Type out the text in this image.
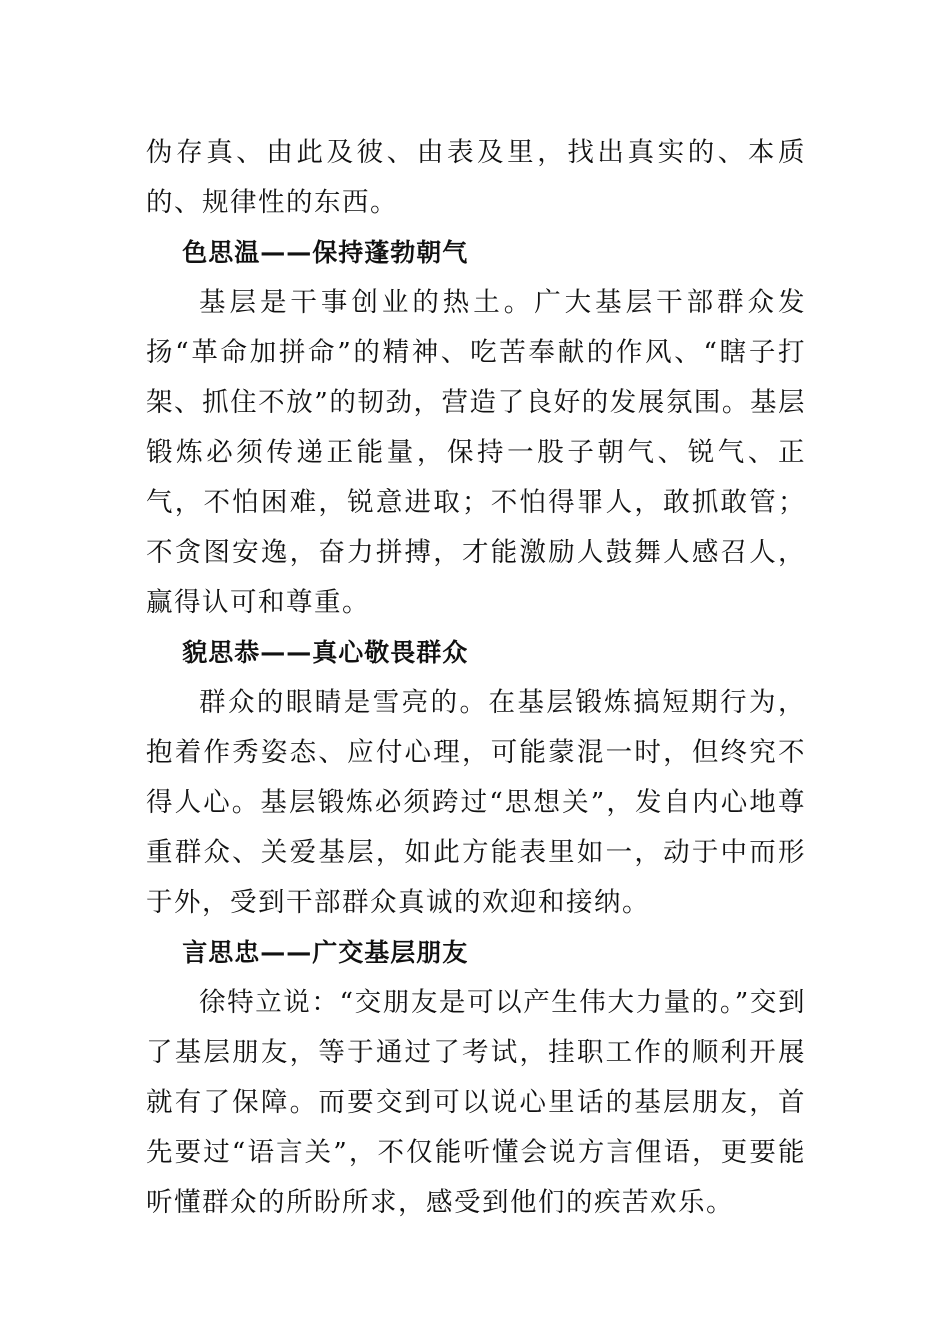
伪存真、由此及彼、由表及里，找出真实的、本质的、规律性的东西。

色思温——保持蓬勃朝气

基层是干事创业的热土。广大基层干部群众发扬“革命加拼命”的精神、吃苦奉献的作风、“瞎子打架、抓住不放”的韧劲，营造了良好的发展氛围。基层锻炼必须传递正能量，保持一股子朝气、锐气、正气，不怕困难，锐意进取；不怕得罪人，敢抓敢管；不贪图安逸，奋力拼搏，才能激励人鼓舞人感召人，赢得认可和尊重。

貌思恭——真心敬畏群众

群众的眼睛是雪亮的。在基层锻炼搞短期行为，抱着作秀姿态、应付心理，可能蒙混一时，但终究不得人心。基层锻炼必须跨过“思想关”，发自内心地尊重群众、关爱基层，如此方能表里如一，动于中而形于外，受到干部群众真诚的欢迎和接纳。

言思忠——广交基层朋友

徐特立说：“交朋友是可以产生伟大力量的。”交到了基层朋友，等于通过了考试，挂职工作的顺利开展就有了保障。而要交到可以说心里话的基层朋友，首先要过“语言关”，不仅能听懂会说方言俚语，更要能听懂群众的所盼所求，感受到他们的疾苦欢乐。
